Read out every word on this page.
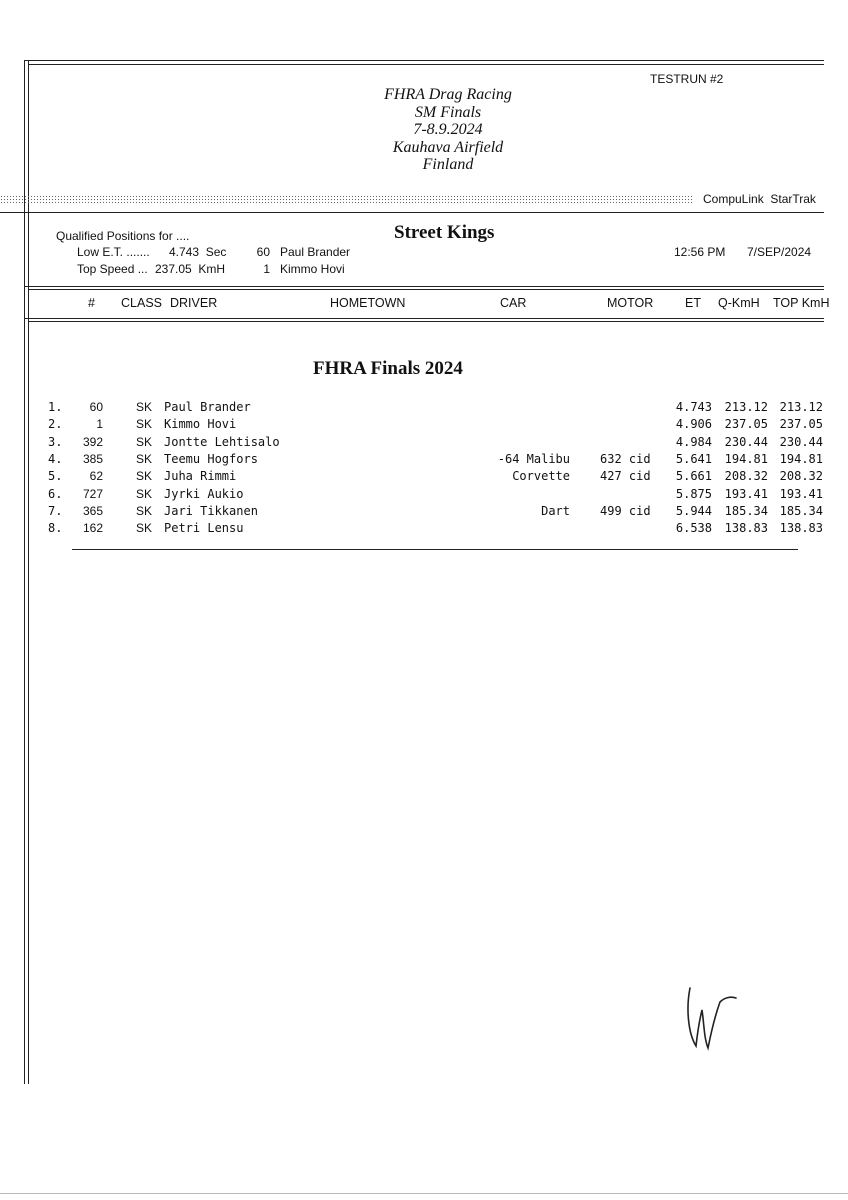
TESTRUN #2
FHRA Drag Racing
SM Finals
7-8.9.2024
Kauhava Airfield
Finland
CompuLink  StarTrak
Qualified Positions for ....
Low E.T. ....... 4.743  Sec	60 Paul Brander
Top Speed ... 237.05  KmH	1 Kimmo Hovi
Street Kings
12:56 PM 7/SEP/2024
# CLASS DRIVER	HOMETOWN	CAR	MOTOR	ET Q-KmH TOP KmH
FHRA Finals 2024
1.	60	SK Paul Brander	4.743	213.12 213.12
2.	1	SK Kimmo Hovi	4.906	237.05 237.05
3.	392	SK Jontte Lehtisalo	4.984	230.44 230.44
4.	385	SK Teemu Hogfors	-64 Malibu	632 cid	5.641	194.81 194.81
5.	62	SK Juha Rimmi	Corvette	427 cid	5.661	208.32 208.32
6.	727	SK Jyrki Aukio	5.875	193.41 193.41
7.	365	SK Jari Tikkanen	Dart	499 cid	5.944	185.34 185.34
8.	162	SK Petri Lensu	6.538	138.83 138.83
